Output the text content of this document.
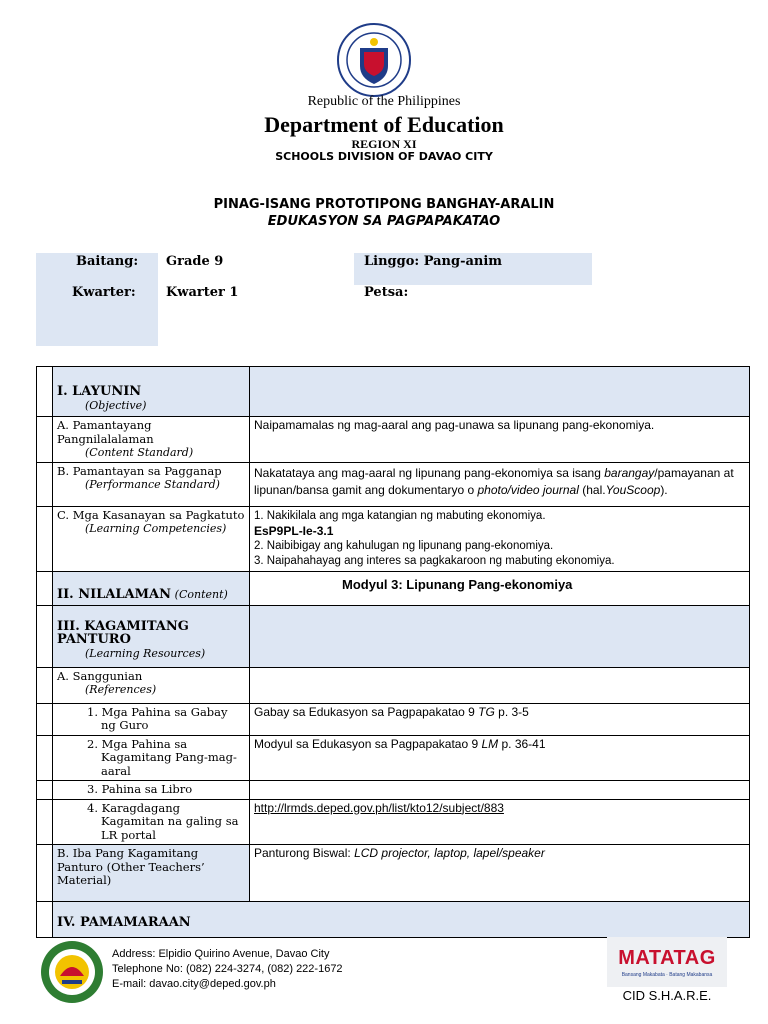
Republic of the Philippines
Department of Education
REGION XI
SCHOOLS DIVISION OF DAVAO CITY
PINAG-ISANG PROTOTIPONG BANGHAY-ARALIN
EDUKASYON SA PAGPAPAKATAO
Baitang: Grade 9
Kwarter: Kwarter 1
Linggo: Pang-anim
Petsa:
	I. LAYUNIN
(Objective)	

	A. Pamantayang Pangnilalalaman
(Content Standard)	Naipamamalas ng mag-aaral ang pag-unawa sa lipunang pang-ekonomiya.
	B. Pamantayan sa Pagganap
(Performance Standard)	Nakatataya ang mag-aaral ng lipunang pang-ekonomiya sa isang barangay/pamayanan at lipunan/bansa gamit ang dokumentaryo o photo/video journal (hal.YouScoop).
	C. Mga Kasanayan sa Pagkatuto
(Learning Competencies)	1. Nakikilala ang mga katangian ng mabuting ekonomiya.
EsP9PL-Ie-3.1
2. Naibibigay ang kahulugan ng lipunang pang-ekonomiya.
3. Naipahahayag ang interes sa pagkakaroon ng mabuting ekonomiya.

	II. NILALAMAN (Content)	Modyul 3: Lipunang Pang-ekonomiya

	III. KAGAMITANG PANTURO
(Learning Resources)	

	A. Sanggunian
(References)	

	1. Mga Pahina sa Gabay ng Guro	Gabay sa Edukasyon sa Pagpapakatao 9 TG p. 3-5

	2. Mga Pahina sa Kagamitang Pang-mag-aaral	Modyul sa Edukasyon sa Pagpapakatao 9 LM p. 36-41

	3. Pahina sa Libro	

	4. Karagdagang Kagamitan na galing sa LR portal	http://lrmds.deped.gov.ph/list/kto12/subject/883
	B. Iba Pang Kagamitang Panturo (Other Teachers’ Material)	Panturong Biswal: LCD projector, laptop, lapel/speaker
	IV. PAMAMARAAN	
Address: Elpidio Quirino Avenue, Davao City
Telephone No: (082) 224-3274, (082) 222-1672
E-mail: davao.city@deped.gov.ph
MATATAG
Bansang Makabata · Batang Makabansa
CID S.H.A.R.E.
